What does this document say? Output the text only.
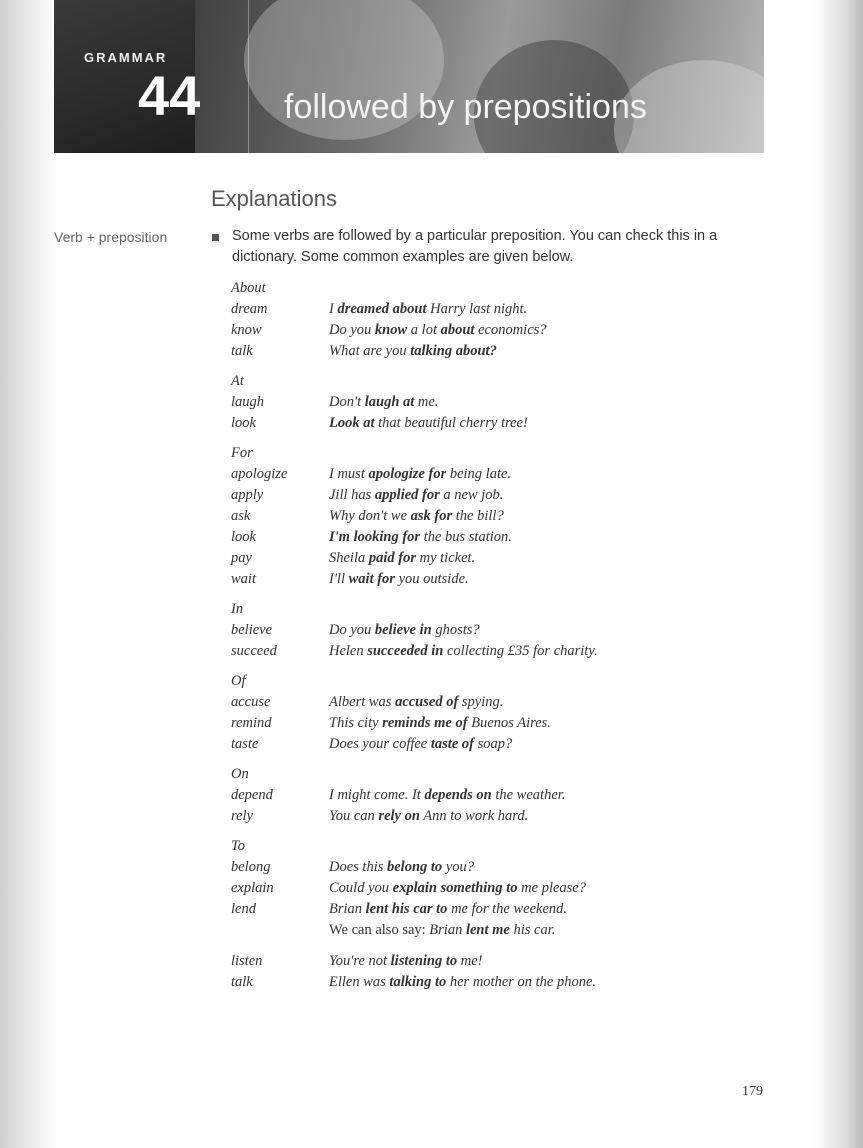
GRAMMAR
44 followed by prepositions
Explanations
Verb + preposition	Some verbs are followed by a particular preposition. You can check this in a dictionary. Some common examples are given below.
About
dream	I dreamed about Harry last night.
know	Do you know a lot about economics?
talk	What are you talking about?
At
laugh	Don't laugh at me.
look	Look at that beautiful cherry tree!
For
apologize	I must apologize for being late.
apply	Jill has applied for a new job.
ask	Why don't we ask for the bill?
look	I'm looking for the bus station.
pay	Sheila paid for my ticket.
wait	I'll wait for you outside.
In
believe	Do you believe in ghosts?
succeed	Helen succeeded in collecting £35 for charity.
Of
accuse	Albert was accused of spying.
remind	This city reminds me of Buenos Aires.
taste	Does your coffee taste of soap?
On
depend	I might come. It depends on the weather.
rely	You can rely on Ann to work hard.
To
belong	Does this belong to you?
explain	Could you explain something to me please?
lend	Brian lent his car to me for the weekend.
We can also say: Brian lent me his car.
listen	You're not listening to me!
talk	Ellen was talking to her mother on the phone.
179
